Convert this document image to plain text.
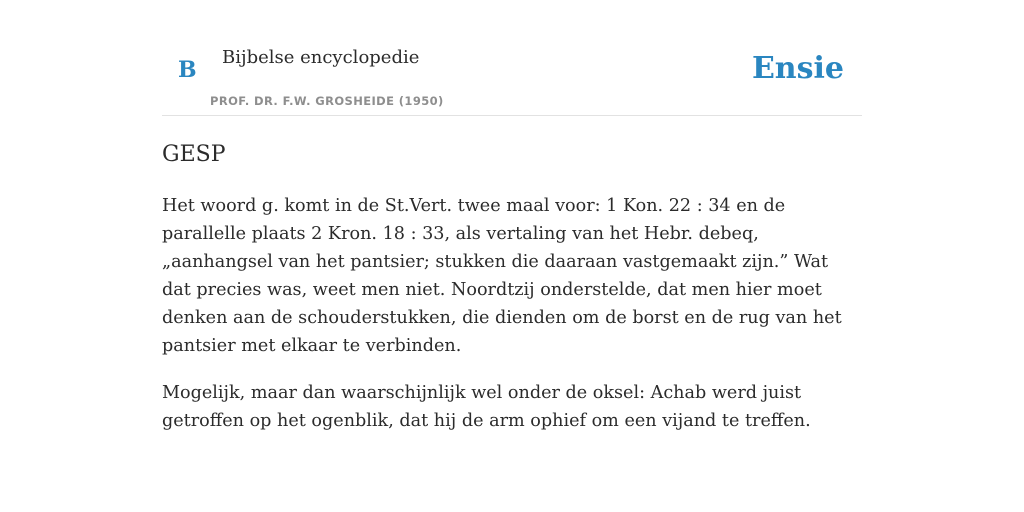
B Bijbelse encyclopedie
PROF. DR. F.W. GROSHEIDE (1950)
Ensie
GESP

Het woord g. komt in de St.Vert. twee maal voor: 1 Kon. 22 : 34 en de parallelle plaats 2 Kron. 18 : 33, als vertaling van het Hebr. debeq, „aanhangsel van het pantsier; stukken die daaraan vastgemaakt zijn.” Wat dat precies was, weet men niet. Noordtzij onderstelde, dat men hier moet denken aan de schouderstukken, die dienden om de borst en de rug van het pantsier met elkaar te verbinden.

Mogelijk, maar dan waarschijnlijk wel onder de oksel: Achab werd juist getroffen op het ogenblik, dat hij de arm ophief om een vijand te treffen.
